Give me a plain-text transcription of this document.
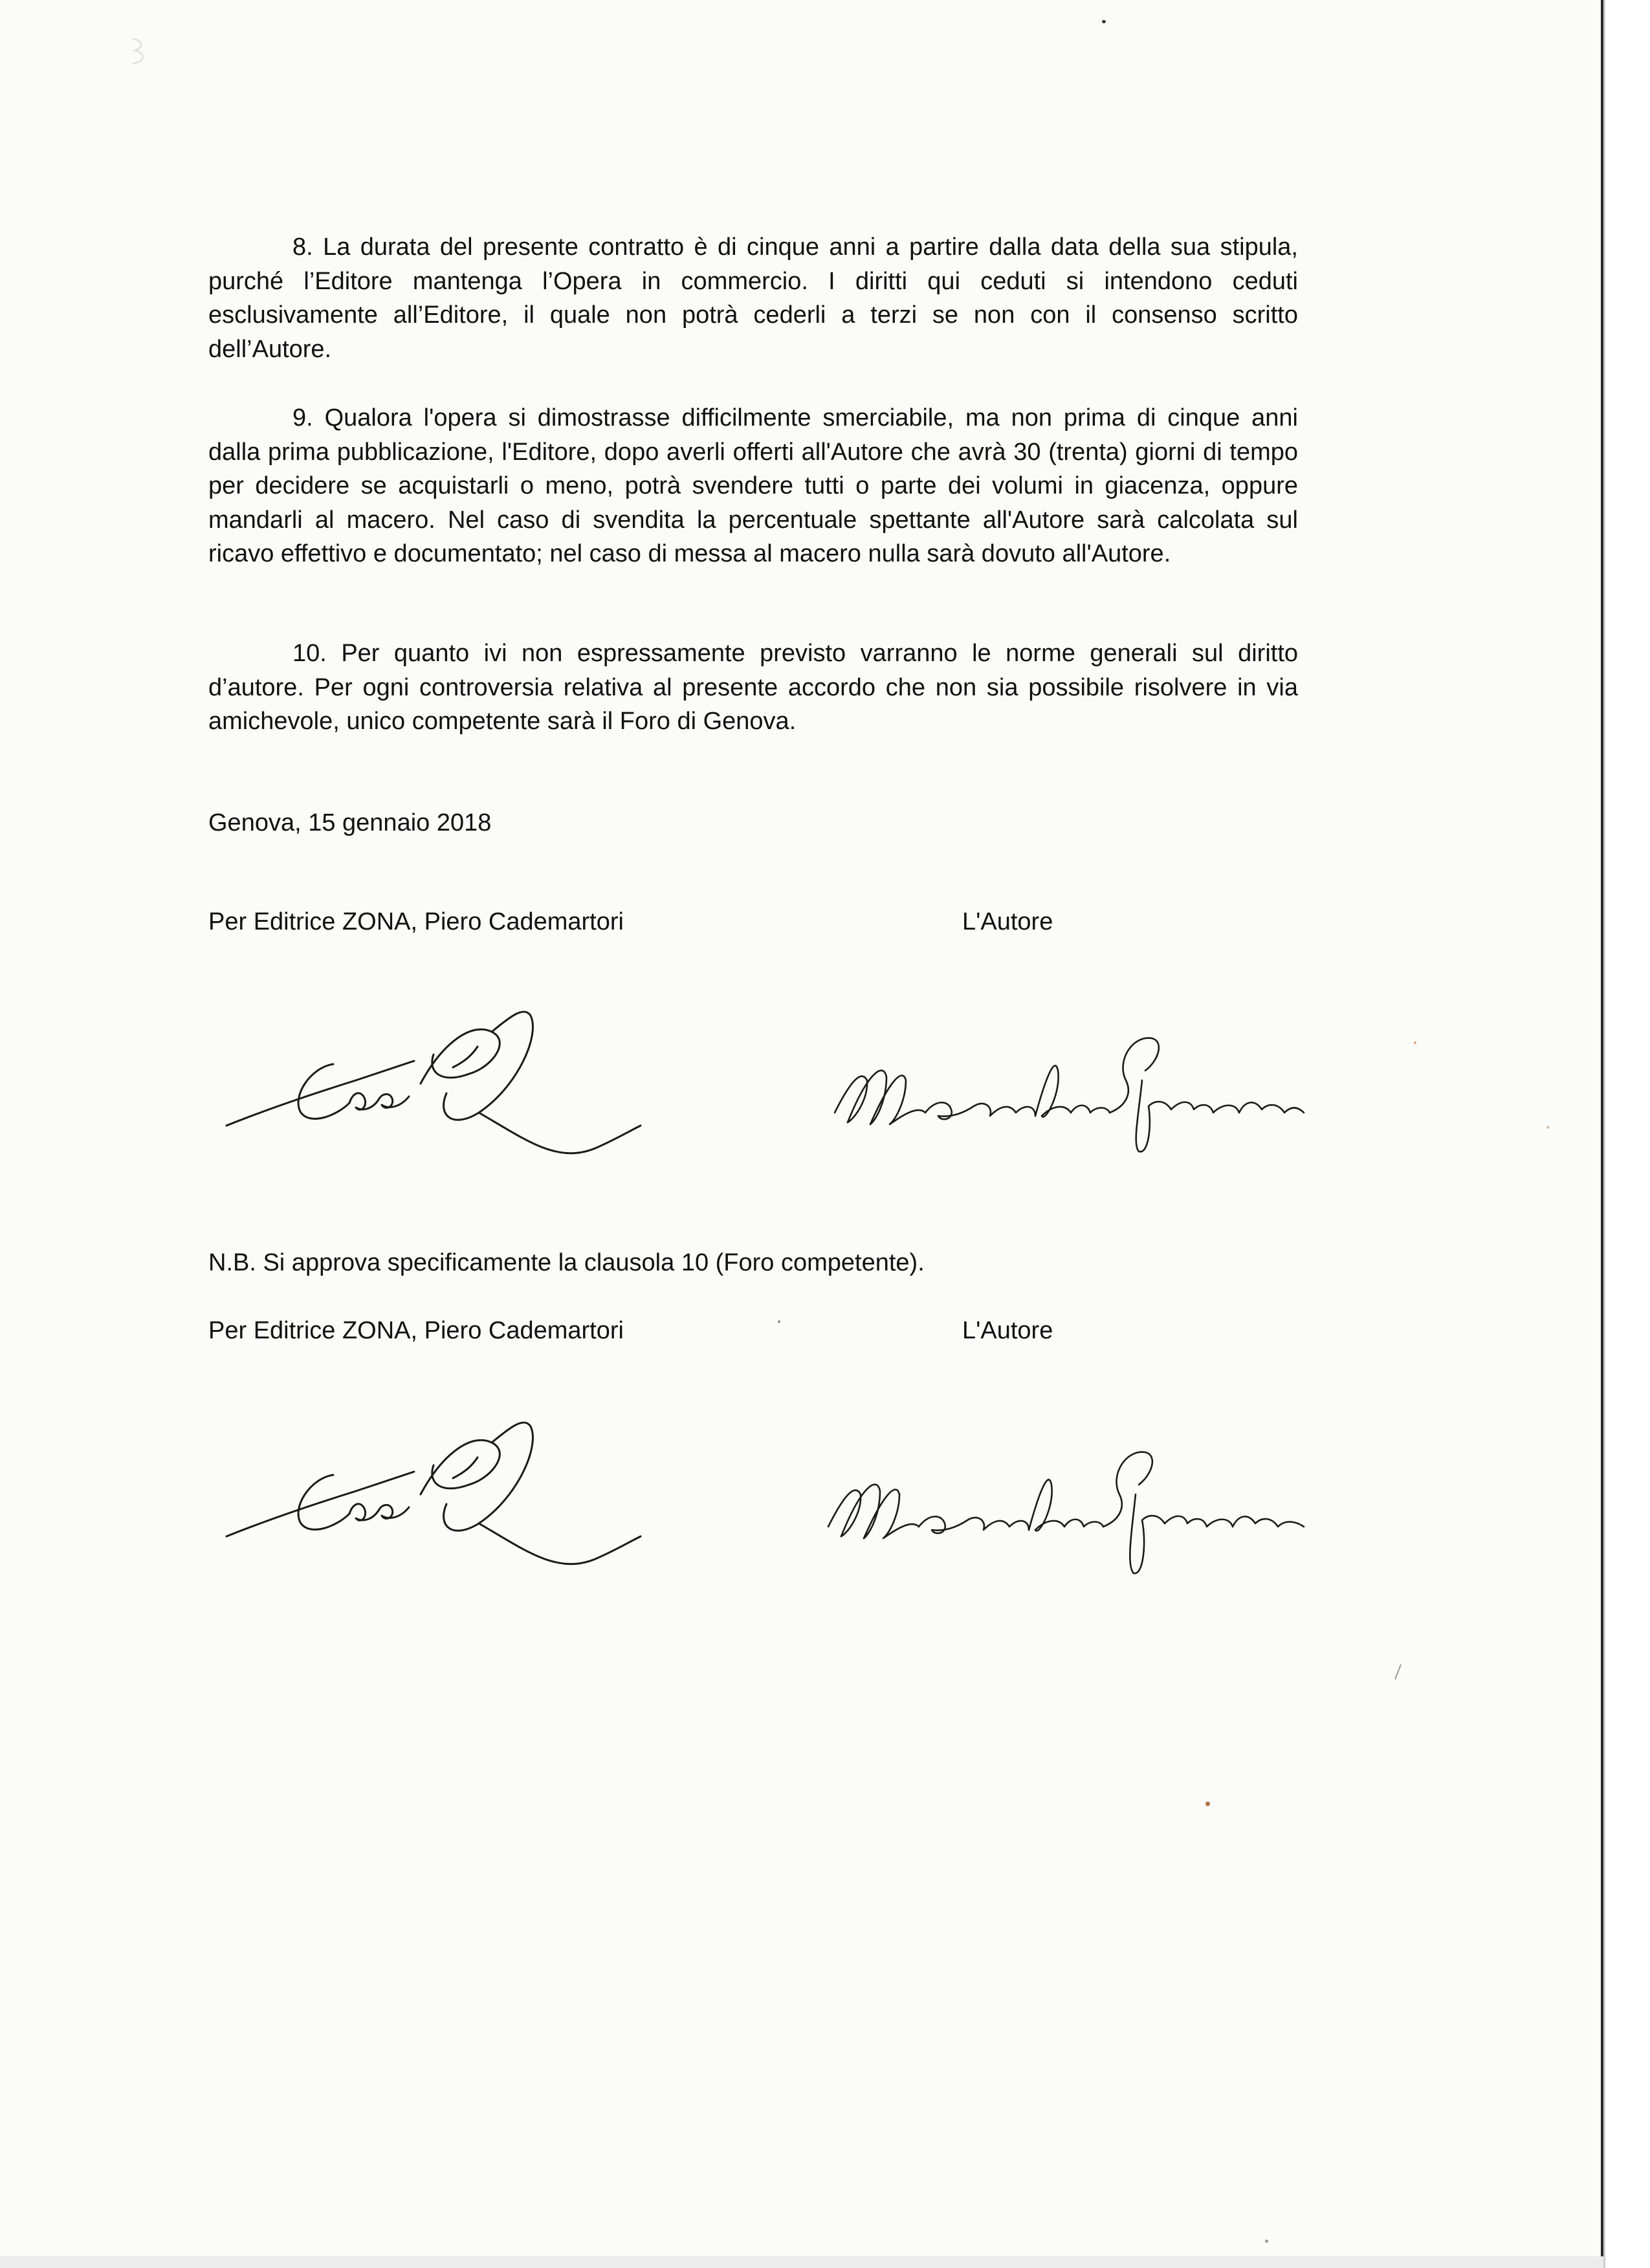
8. La durata del presente contratto è di cinque anni a partire dalla data della sua stipula, purché l’Editore mantenga l’Opera in commercio. I diritti qui ceduti si intendono ceduti esclusivamente all’Editore, il quale non potrà cederli a terzi se non con il consenso scritto dell’Autore.
9. Qualora l'opera si dimostrasse difficilmente smerciabile, ma non prima di cinque anni dalla prima pubblicazione, l'Editore, dopo averli offerti all'Autore che avrà 30 (trenta) giorni di tempo per decidere se acquistarli o meno, potrà svendere tutti o parte dei volumi in giacenza, oppure mandarli al macero. Nel caso di svendita la percentuale spettante all'Autore sarà calcolata sul ricavo effettivo e documentato; nel caso di messa al macero nulla sarà dovuto all'Autore.
10. Per quanto ivi non espressamente previsto varranno le norme generali sul diritto d’autore. Per ogni controversia relativa al presente accordo che non sia possibile risolvere in via amichevole, unico competente sarà il Foro di Genova.
Genova, 15 gennaio 2018
Per Editrice ZONA, Piero Cademartori	L'Autore
N.B. Si approva specificamente la clausola 10 (Foro competente).
Per Editrice ZONA, Piero Cademartori	L'Autore
